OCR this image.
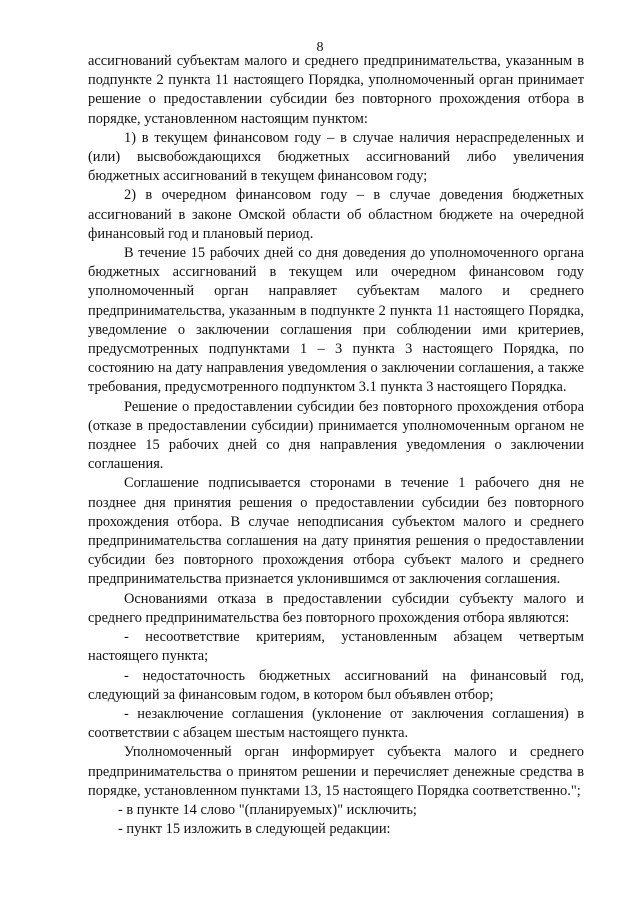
8

ассигнований субъектам малого и среднего предпринимательства, указанным в подпункте 2 пункта 11 настоящего Порядка, уполномоченный орган принимает решение о предоставлении субсидии без повторного прохождения отбора в порядке, установленном настоящим пунктом:

1) в текущем финансовом году – в случае наличия нераспределенных и (или) высвобождающихся бюджетных ассигнований либо увеличения бюджетных ассигнований в текущем финансовом году;

2) в очередном финансовом году – в случае доведения бюджетных ассигнований в законе Омской области об областном бюджете на очередной финансовый год и плановый период.

В течение 15 рабочих дней со дня доведения до уполномоченного органа бюджетных ассигнований в текущем или очередном финансовом году уполномоченный орган направляет субъектам малого и среднего предпринимательства, указанным в подпункте 2 пункта 11 настоящего Порядка, уведомление о заключении соглашения при соблюдении ими критериев, предусмотренных подпунктами 1 – 3 пункта 3 настоящего Порядка, по состоянию на дату направления уведомления о заключении соглашения, а также требования, предусмотренного подпунктом 3.1 пункта 3 настоящего Порядка.

Решение о предоставлении субсидии без повторного прохождения отбора (отказе в предоставлении субсидии) принимается уполномоченным органом не позднее 15 рабочих дней со дня направления уведомления о заключении соглашения.

Соглашение подписывается сторонами в течение 1 рабочего дня не позднее дня принятия решения о предоставлении субсидии без повторного прохождения отбора. В случае неподписания субъектом малого и среднего предпринимательства соглашения на дату принятия решения о предоставлении субсидии без повторного прохождения отбора субъект малого и среднего предпринимательства признается уклонившимся от заключения соглашения.

Основаниями отказа в предоставлении субсидии субъекту малого и среднего предпринимательства без повторного прохождения отбора являются:

- несоответствие критериям, установленным абзацем четвертым настоящего пункта;

- недостаточность бюджетных ассигнований на финансовый год, следующий за финансовым годом, в котором был объявлен отбор;

- незаключение соглашения (уклонение от заключения соглашения) в соответствии с абзацем шестым настоящего пункта.

Уполномоченный орган информирует субъекта малого и среднего предпринимательства о принятом решении и перечисляет денежные средства в порядке, установленном пунктами 13, 15 настоящего Порядка соответственно.";

- в пункте 14 слово "(планируемых)" исключить;

- пункт 15 изложить в следующей редакции:
